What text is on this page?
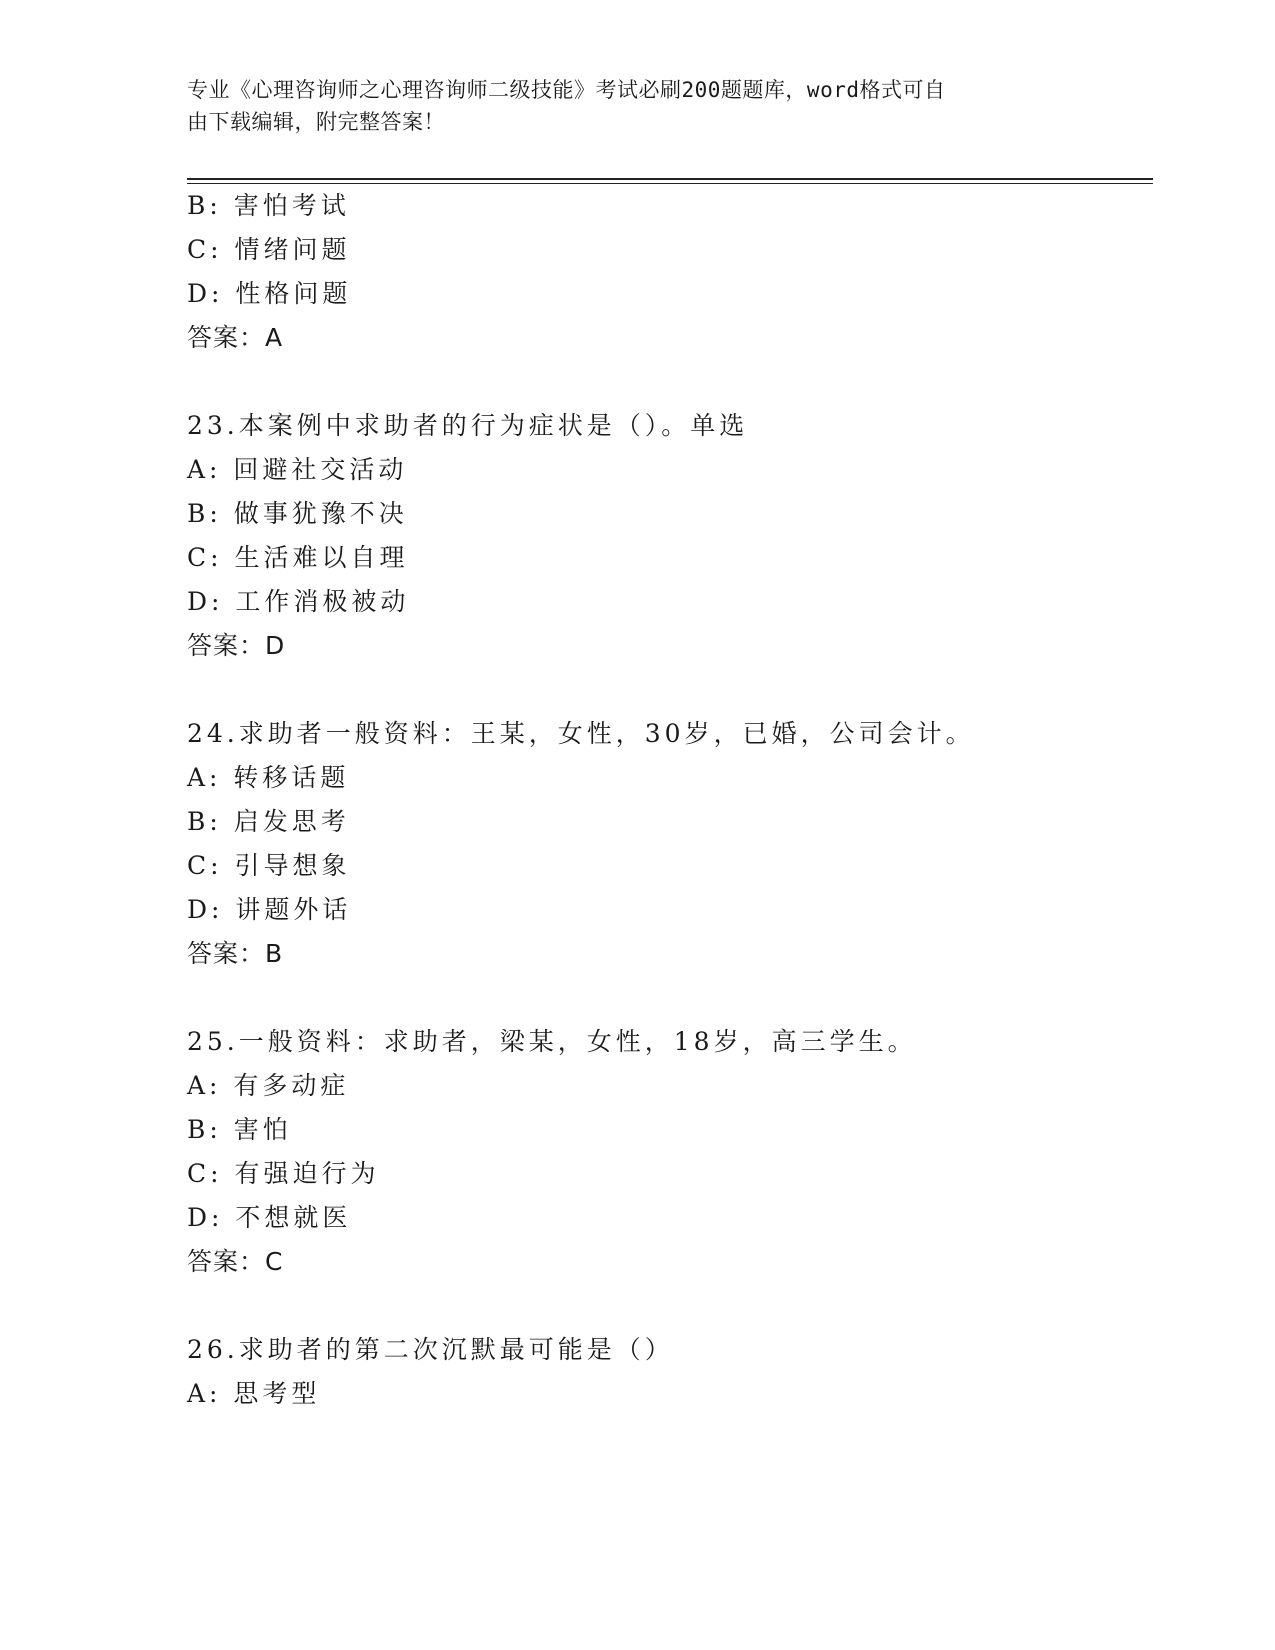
专业《心理咨询师之心理咨询师二级技能》考试必刷200题题库，word格式可自
由下载编辑，附完整答案！
B: 害怕考试
C: 情绪问题
D: 性格问题
答案：A
23.本案例中求助者的行为症状是（）。单选
A: 回避社交活动
B: 做事犹豫不决
C: 生活难以自理
D: 工作消极被动
答案：D
24.求助者一般资料：王某，女性，30岁，已婚，公司会计。
A: 转移话题
B: 启发思考
C: 引导想象
D: 讲题外话
答案：B
25.一般资料：求助者，梁某，女性，18岁，高三学生。
A: 有多动症
B: 害怕
C: 有强迫行为
D: 不想就医
答案：C
26.求助者的第二次沉默最可能是（）
A: 思考型
